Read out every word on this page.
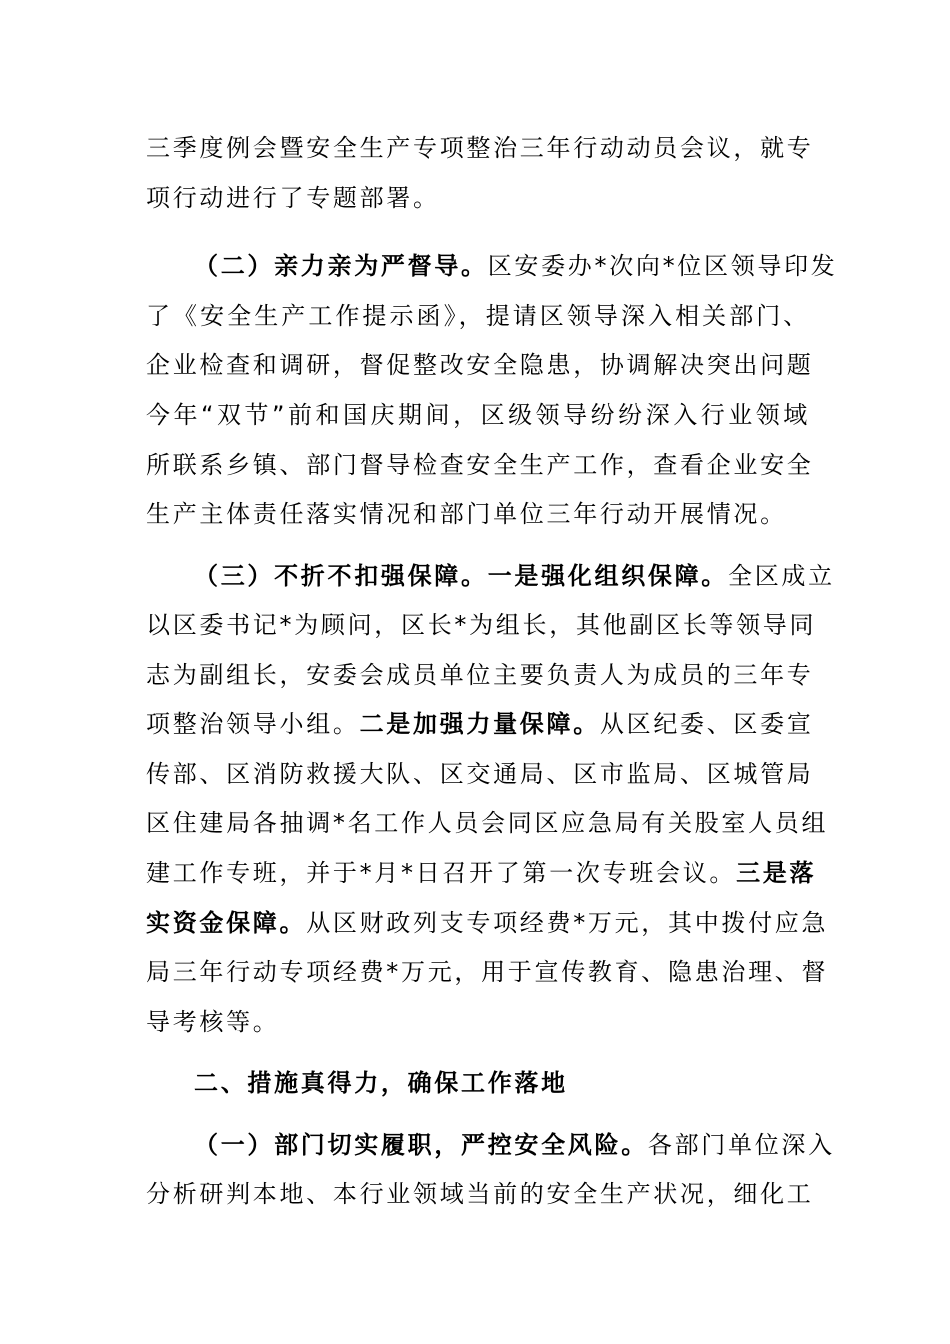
三季度例会暨安全生产专项整治三年行动动员会议，就专
项行动进行了专题部署。
（二）亲力亲为严督导。区安委办*次向*位区领导印发
了《安全生产工作提示函》，提请区领导深入相关部门、
企业检查和调研，督促整改安全隐患，协调解决突出问题
今年“双节”前和国庆期间，区级领导纷纷深入行业领域
所联系乡镇、部门督导检查安全生产工作，查看企业安全
生产主体责任落实情况和部门单位三年行动开展情况。
（三）不折不扣强保障。一是强化组织保障。全区成立
以区委书记*为顾问，区长*为组长，其他副区长等领导同
志为副组长，安委会成员单位主要负责人为成员的三年专
项整治领导小组。二是加强力量保障。从区纪委、区委宣
传部、区消防救援大队、区交通局、区市监局、区城管局
区住建局各抽调*名工作人员会同区应急局有关股室人员组
建工作专班，并于*月*日召开了第一次专班会议。三是落
实资金保障。从区财政列支专项经费*万元，其中拨付应急
局三年行动专项经费*万元，用于宣传教育、隐患治理、督
导考核等。
二、措施真得力，确保工作落地
（一）部门切实履职，严控安全风险。各部门单位深入
分析研判本地、本行业领域当前的安全生产状况，细化工
